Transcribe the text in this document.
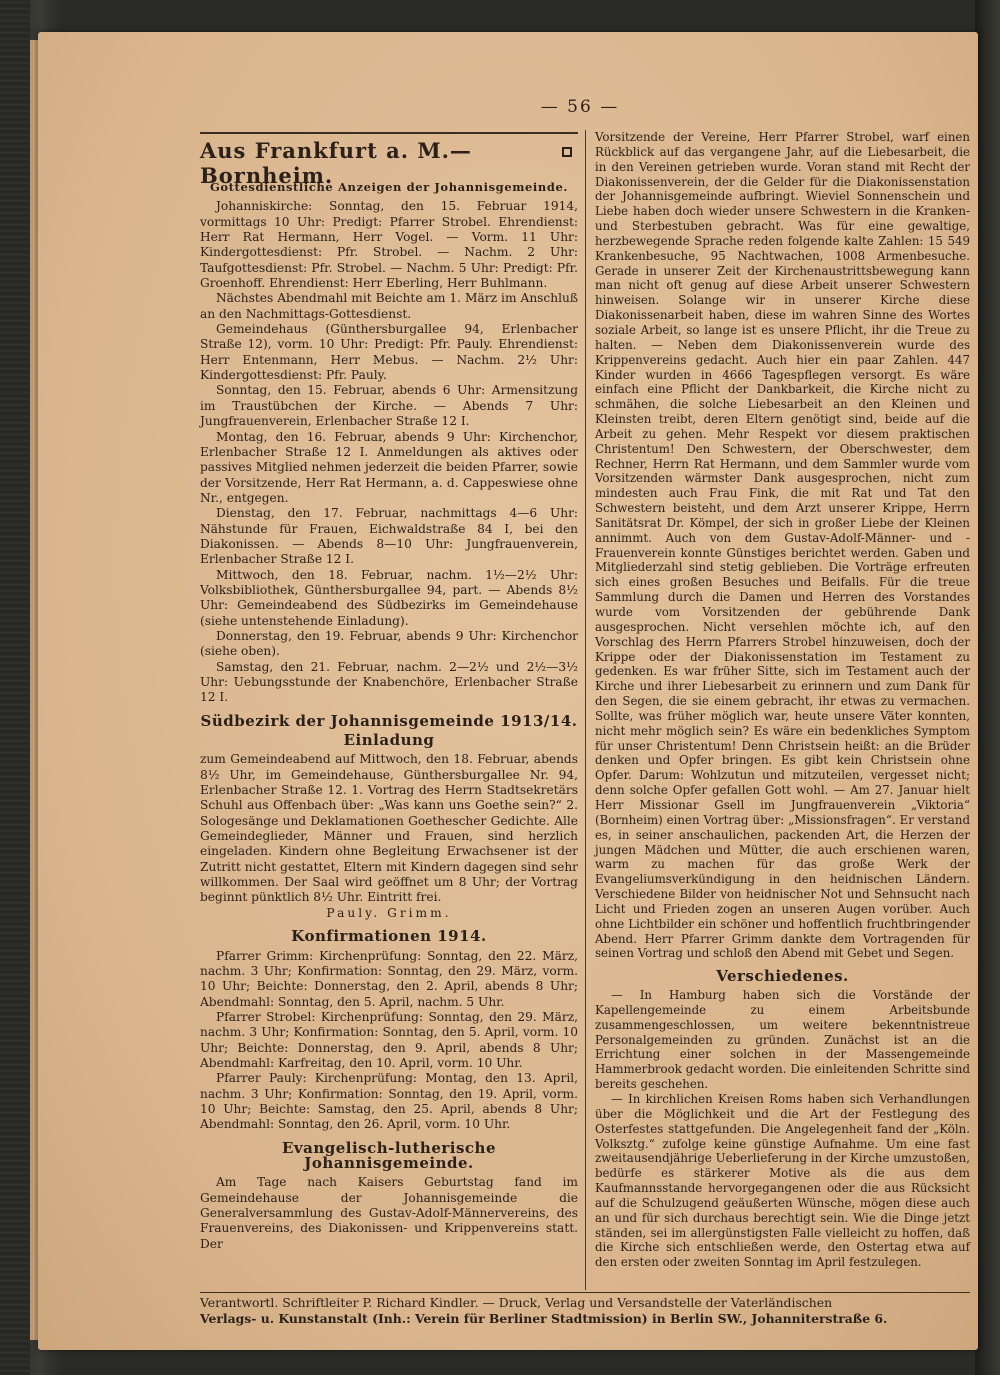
— 56 —
Aus Frankfurt a. M.—Bornheim.
Gottesdienstliche Anzeigen der Johannisgemeinde.

Johanniskirche: Sonntag, den 15. Februar 1914, vormittags 10 Uhr: Predigt: Pfarrer Strobel. Ehrendienst: Herr Rat Hermann, Herr Vogel. — Vorm. 11 Uhr: Kindergottesdienst: Pfr. Strobel. — Nachm. 2 Uhr: Taufgottesdienst: Pfr. Strobel. — Nachm. 5 Uhr: Predigt: Pfr. Groenhoff. Ehrendienst: Herr Eberling, Herr Buhlmann.

Nächstes Abendmahl mit Beichte am 1. März im Anschluß an den Nachmittags-Gottesdienst.

Gemeindehaus (Günthersburgallee 94, Erlenbacher Straße 12), vorm. 10 Uhr: Predigt: Pfr. Pauly. Ehrendienst: Herr Entenmann, Herr Mebus. — Nachm. 2½ Uhr: Kindergottesdienst: Pfr. Pauly.

Sonntag, den 15. Februar, abends 6 Uhr: Armensitzung im Traustübchen der Kirche. — Abends 7 Uhr: Jungfrauenverein, Erlenbacher Straße 12 I.

Montag, den 16. Februar, abends 9 Uhr: Kirchenchor, Erlenbacher Straße 12 I. Anmeldungen als aktives oder passives Mitglied nehmen jederzeit die beiden Pfarrer, sowie der Vorsitzende, Herr Rat Hermann, a. d. Cappeswiese ohne Nr., entgegen.

Dienstag, den 17. Februar, nachmittags 4—6 Uhr: Nähstunde für Frauen, Eichwaldstraße 84 I, bei den Diakonissen. — Abends 8—10 Uhr: Jungfrauenverein, Erlenbacher Straße 12 I.

Mittwoch, den 18. Februar, nachm. 1½—2½ Uhr: Volksbibliothek, Günthersburgallee 94, part. — Abends 8½ Uhr: Gemeindeabend des Südbezirks im Gemeindehause (siehe untenstehende Einladung).

Donnerstag, den 19. Februar, abends 9 Uhr: Kirchenchor (siehe oben).

Samstag, den 21. Februar, nachm. 2—2½ und 2½—3½ Uhr: Uebungsstunde der Knabenchöre, Erlenbacher Straße 12 I.

Südbezirk der Johannisgemeinde 1913/14.
Einladung

zum Gemeindeabend auf Mittwoch, den 18. Februar, abends 8½ Uhr, im Gemeindehause, Günthersburgallee Nr. 94, Erlenbacher Straße 12. 1. Vortrag des Herrn Stadtsekretärs Schuhl aus Offenbach über: „Was kann uns Goethe sein?“ 2. Sologesänge und Deklamationen Goethescher Gedichte. Alle Gemeindeglieder, Männer und Frauen, sind herzlich eingeladen. Kindern ohne Begleitung Erwachsener ist der Zutritt nicht gestattet, Eltern mit Kindern dagegen sind sehr willkommen. Der Saal wird geöffnet um 8 Uhr; der Vortrag beginnt pünktlich 8½ Uhr. Eintritt frei.

Pauly. Grimm.

Konfirmationen 1914.

Pfarrer Grimm: Kirchenprüfung: Sonntag, den 22. März, nachm. 3 Uhr; Konfirmation: Sonntag, den 29. März, vorm. 10 Uhr; Beichte: Donnerstag, den 2. April, abends 8 Uhr; Abendmahl: Sonntag, den 5. April, nachm. 5 Uhr.

Pfarrer Strobel: Kirchenprüfung: Sonntag, den 29. März, nachm. 3 Uhr; Konfirmation: Sonntag, den 5. April, vorm. 10 Uhr; Beichte: Donnerstag, den 9. April, abends 8 Uhr; Abendmahl: Karfreitag, den 10. April, vorm. 10 Uhr.

Pfarrer Pauly: Kirchenprüfung: Montag, den 13. April, nachm. 3 Uhr; Konfirmation: Sonntag, den 19. April, vorm. 10 Uhr; Beichte: Samstag, den 25. April, abends 8 Uhr; Abendmahl: Sonntag, den 26. April, vorm. 10 Uhr.

Evangelisch-lutherische Johannisgemeinde.

Am Tage nach Kaisers Geburtstag fand im Gemeindehause der Johannisgemeinde die Generalversammlung des Gustav-Adolf-Männervereins, des Frauenvereins, des Diakonissen- und Krippenvereins statt. Der

Vorsitzende der Vereine, Herr Pfarrer Strobel, warf einen Rückblick auf das vergangene Jahr, auf die Liebesarbeit, die in den Vereinen getrieben wurde. Voran stand mit Recht der Diakonissenverein, der die Gelder für die Diakonissenstation der Johannisgemeinde aufbringt. Wieviel Sonnenschein und Liebe haben doch wieder unsere Schwestern in die Kranken- und Sterbestuben gebracht. Was für eine gewaltige, herzbewegende Sprache reden folgende kalte Zahlen: 15 549 Krankenbesuche, 95 Nachtwachen, 1008 Armenbesuche. Gerade in unserer Zeit der Kirchenaustrittsbewegung kann man nicht oft genug auf diese Arbeit unserer Schwestern hinweisen. Solange wir in unserer Kirche diese Diakonissenarbeit haben, diese im wahren Sinne des Wortes soziale Arbeit, so lange ist es unsere Pflicht, ihr die Treue zu halten. — Neben dem Diakonissenverein wurde des Krippenvereins gedacht. Auch hier ein paar Zahlen. 447 Kinder wurden in 4666 Tagespflegen versorgt. Es wäre einfach eine Pflicht der Dankbarkeit, die Kirche nicht zu schmähen, die solche Liebesarbeit an den Kleinen und Kleinsten treibt, deren Eltern genötigt sind, beide auf die Arbeit zu gehen. Mehr Respekt vor diesem praktischen Christentum! Den Schwestern, der Oberschwester, dem Rechner, Herrn Rat Hermann, und dem Sammler wurde vom Vorsitzenden wärmster Dank ausgesprochen, nicht zum mindesten auch Frau Fink, die mit Rat und Tat den Schwestern beisteht, und dem Arzt unserer Krippe, Herrn Sanitätsrat Dr. Kömpel, der sich in großer Liebe der Kleinen annimmt. Auch von dem Gustav-Adolf-Männer- und -Frauenverein konnte Günstiges berichtet werden. Gaben und Mitgliederzahl sind stetig geblieben. Die Vorträge erfreuten sich eines großen Besuches und Beifalls. Für die treue Sammlung durch die Damen und Herren des Vorstandes wurde vom Vorsitzenden der gebührende Dank ausgesprochen. Nicht versehlen möchte ich, auf den Vorschlag des Herrn Pfarrers Strobel hinzuweisen, doch der Krippe oder der Diakonissenstation im Testament zu gedenken. Es war früher Sitte, sich im Testament auch der Kirche und ihrer Liebesarbeit zu erinnern und zum Dank für den Segen, die sie einem gebracht, ihr etwas zu vermachen. Sollte, was früher möglich war, heute unsere Väter konnten, nicht mehr möglich sein? Es wäre ein bedenkliches Symptom für unser Christentum! Denn Christsein heißt: an die Brüder denken und Opfer bringen. Es gibt kein Christsein ohne Opfer. Darum: Wohlzutun und mitzuteilen, vergesset nicht; denn solche Opfer gefallen Gott wohl. — Am 27. Januar hielt Herr Missionar Gsell im Jungfrauenverein „Viktoria“ (Bornheim) einen Vortrag über: „Missionsfragen“. Er verstand es, in seiner anschaulichen, packenden Art, die Herzen der jungen Mädchen und Mütter, die auch erschienen waren, warm zu machen für das große Werk der Evangeliumsverkündigung in den heidnischen Ländern. Verschiedene Bilder von heidnischer Not und Sehnsucht nach Licht und Frieden zogen an unseren Augen vorüber. Auch ohne Lichtbilder ein schöner und hoffentlich fruchtbringender Abend. Herr Pfarrer Grimm dankte dem Vortragenden für seinen Vortrag und schloß den Abend mit Gebet und Segen.

Verschiedenes.

— In Hamburg haben sich die Vorstände der Kapellengemeinde zu einem Arbeitsbunde zusammengeschlossen, um weitere bekenntnistreue Personalgemeinden zu gründen. Zunächst ist an die Errichtung einer solchen in der Massengemeinde Hammerbrook gedacht worden. Die einleitenden Schritte sind bereits geschehen.

— In kirchlichen Kreisen Roms haben sich Verhandlungen über die Möglichkeit und die Art der Festlegung des Osterfestes stattgefunden. Die Angelegenheit fand der „Köln. Volksztg.“ zufolge keine günstige Aufnahme. Um eine fast zweitausendjährige Ueberlieferung in der Kirche umzustoßen, bedürfe es stärkerer Motive als die aus dem Kaufmannsstande hervorgegangenen oder die aus Rücksicht auf die Schulzugend geäußerten Wünsche, mögen diese auch an und für sich durchaus berechtigt sein. Wie die Dinge jetzt ständen, sei im allergünstigsten Falle vielleicht zu hoffen, daß die Kirche sich entschließen werde, den Ostertag etwa auf den ersten oder zweiten Sonntag im April festzulegen.

Verantwortl. Schriftleiter P. Richard Kindler. — Druck, Verlag und Versandstelle der Vaterländischen
Verlags- u. Kunstanstalt (Inh.: Verein für Berliner Stadtmission) in Berlin SW., Johanniterstraße 6.
